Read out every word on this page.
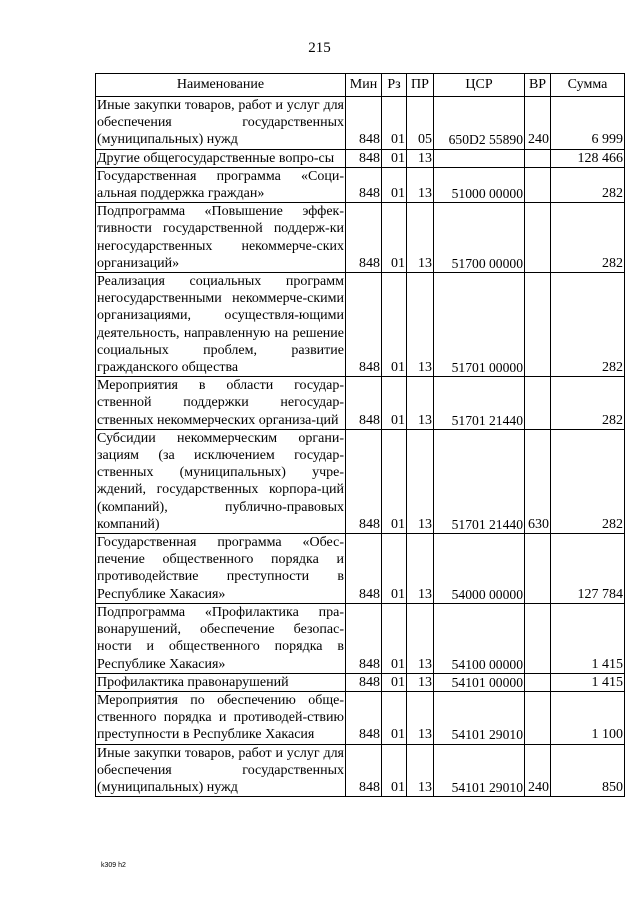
215
Наименование	Мин	Рз	ПР	ЦСР	ВР	Сумма
Иные закупки товаров, работ и услуг для обеспечения государственных (муниципальных) нужд	848	01	05	650D2 55890	240	6 999
Другие общегосударственные вопро-сы	848	01	13			128 466
Государственная программа «Соци-альная поддержка граждан»	848	01	13	51000 00000		282
Подпрограмма «Повышение эффек-тивности государственной поддерж-ки негосударственных некоммерче-ских организаций»	848	01	13	51700 00000		282
Реализация социальных программ негосударственными некоммерче-скими организациями, осуществля-ющими деятельность, направленную на решение социальных проблем, развитие гражданского общества	848	01	13	51701 00000		282
Мероприятия в области государ-ственной поддержки негосудар-ственных некоммерческих организа-ций	848	01	13	51701 21440		282
Субсидии некоммерческим органи-зациям (за исключением государ-ственных (муниципальных) учре-ждений, государственных корпора-ций (компаний), публично-правовых компаний)	848	01	13	51701 21440	630	282
Государственная программа «Обес-печение общественного порядка и противодействие преступности в Республике Хакасия»	848	01	13	54000 00000		127 784
Подпрограмма «Профилактика пра-вонарушений, обеспечение безопас-ности и общественного порядка в Республике Хакасия»	848	01	13	54100 00000		1 415
Профилактика правонарушений	848	01	13	54101 00000		1 415
Мероприятия по обеспечению обще-ственного порядка и противодей-ствию преступности в Республике Хакасия	848	01	13	54101 29010		1 100
Иные закупки товаров, работ и услуг для обеспечения государственных (муниципальных) нужд	848	01	13	54101 29010	240	850
k309 h2
